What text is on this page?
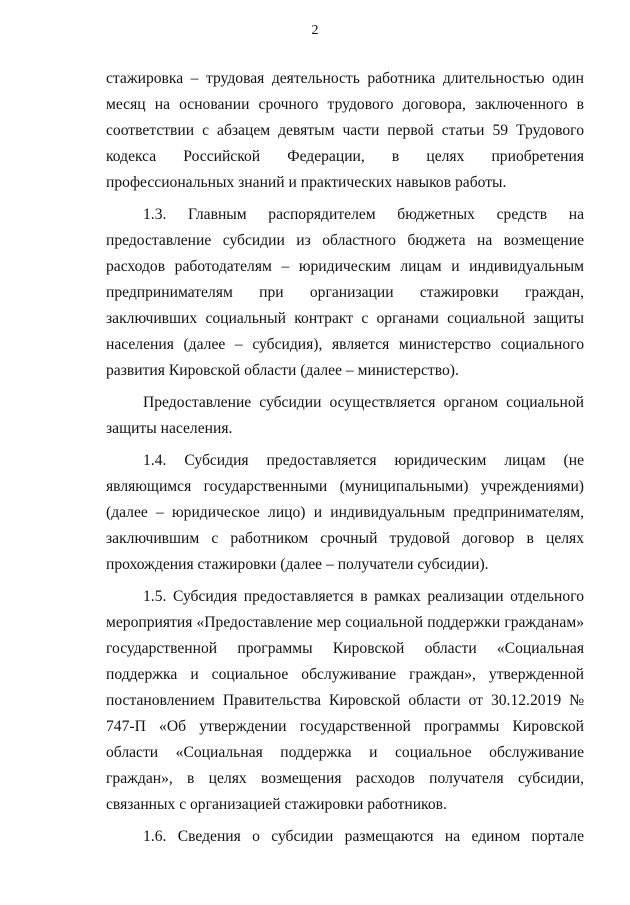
2

стажировка – трудовая деятельность работника длительностью один месяц на основании срочного трудового договора, заключенного в соответствии с абзацем девятым части первой статьи 59 Трудового кодекса Российской Федерации, в целях приобретения профессиональных знаний и практических навыков работы.

1.3. Главным распорядителем бюджетных средств на предоставление субсидии из областного бюджета на возмещение расходов работодателям – юридическим лицам и индивидуальным предпринимателям при организации стажировки граждан, заключивших социальный контракт с органами социальной защиты населения (далее – субсидия), является министерство социального развития Кировской области (далее – министерство).

Предоставление субсидии осуществляется органом социальной защиты населения.

1.4. Субсидия предоставляется юридическим лицам (не являющимся государственными (муниципальными) учреждениями) (далее – юридическое лицо) и индивидуальным предпринимателям, заключившим с работником срочный трудовой договор в целях прохождения стажировки (далее – получатели субсидии).

1.5. Субсидия предоставляется в рамках реализации отдельного мероприятия «Предоставление мер социальной поддержки гражданам» государственной программы Кировской области «Социальная поддержка и социальное обслуживание граждан», утвержденной постановлением Правительства Кировской области от 30.12.2019 № 747-П «Об утверждении государственной программы Кировской области «Социальная поддержка и социальное обслуживание граждан», в целях возмещения расходов получателя субсидии, связанных с организацией стажировки работников.

1.6. Сведения о субсидии размещаются на едином портале
